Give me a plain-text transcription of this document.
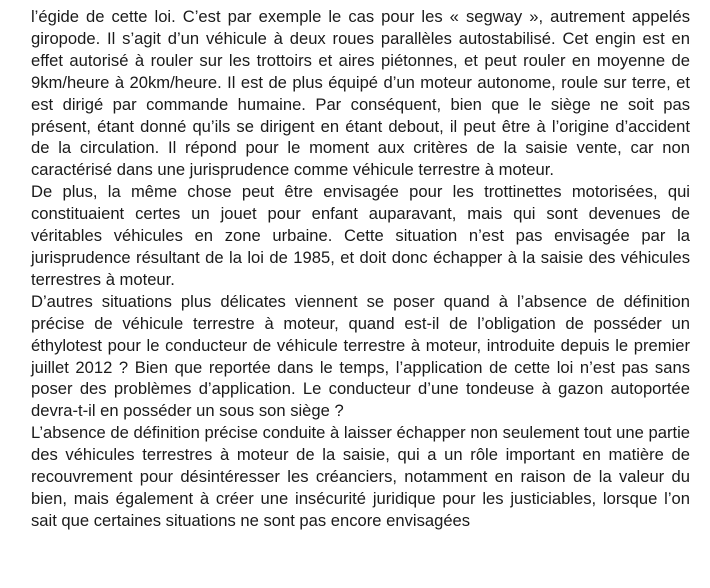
l’égide de cette loi. C’est par exemple le cas pour les « segway », autrement appelés giropode. Il s’agit d’un véhicule à deux roues parallèles autostabilisé. Cet engin est en effet autorisé à rouler sur les trottoirs et aires piétonnes, et peut rouler en moyenne de 9km/heure à 20km/heure. Il est de plus équipé d’un moteur autonome, roule sur terre, et est dirigé par commande humaine. Par conséquent, bien que le siège ne soit pas présent, étant donné qu’ils se dirigent en étant debout, il peut être à l’origine d’accident de la circulation. Il répond pour le moment aux critères de la saisie vente, car non caractérisé dans une jurisprudence comme véhicule terrestre à moteur.

De plus, la même chose peut être envisagée pour les trottinettes motorisées, qui constituaient certes un jouet pour enfant auparavant, mais qui sont devenues de véritables véhicules en zone urbaine. Cette situation n’est pas envisagée par la jurisprudence résultant de la loi de 1985, et doit donc échapper à la saisie des véhicules terrestres à moteur.

D’autres situations plus délicates viennent se poser quand à l’absence de définition précise de véhicule terrestre à moteur, quand est-il de l’obligation de posséder un éthylotest pour le conducteur de véhicule terrestre à moteur, introduite depuis le premier juillet 2012 ? Bien que reportée dans le temps, l’application de cette loi n’est pas sans poser des problèmes d’application. Le conducteur d’une tondeuse à gazon autoportée devra-t-il en posséder un sous son siège ?

L’absence de définition précise conduite à laisser échapper non seulement tout une partie des véhicules terrestres à moteur de la saisie, qui a un rôle important en matière de recouvrement pour désintéresser les créanciers, notamment en raison de la valeur du bien, mais également à créer une insécurité juridique pour les justiciables, lorsque l’on sait que certaines situations ne sont pas encore envisagées
